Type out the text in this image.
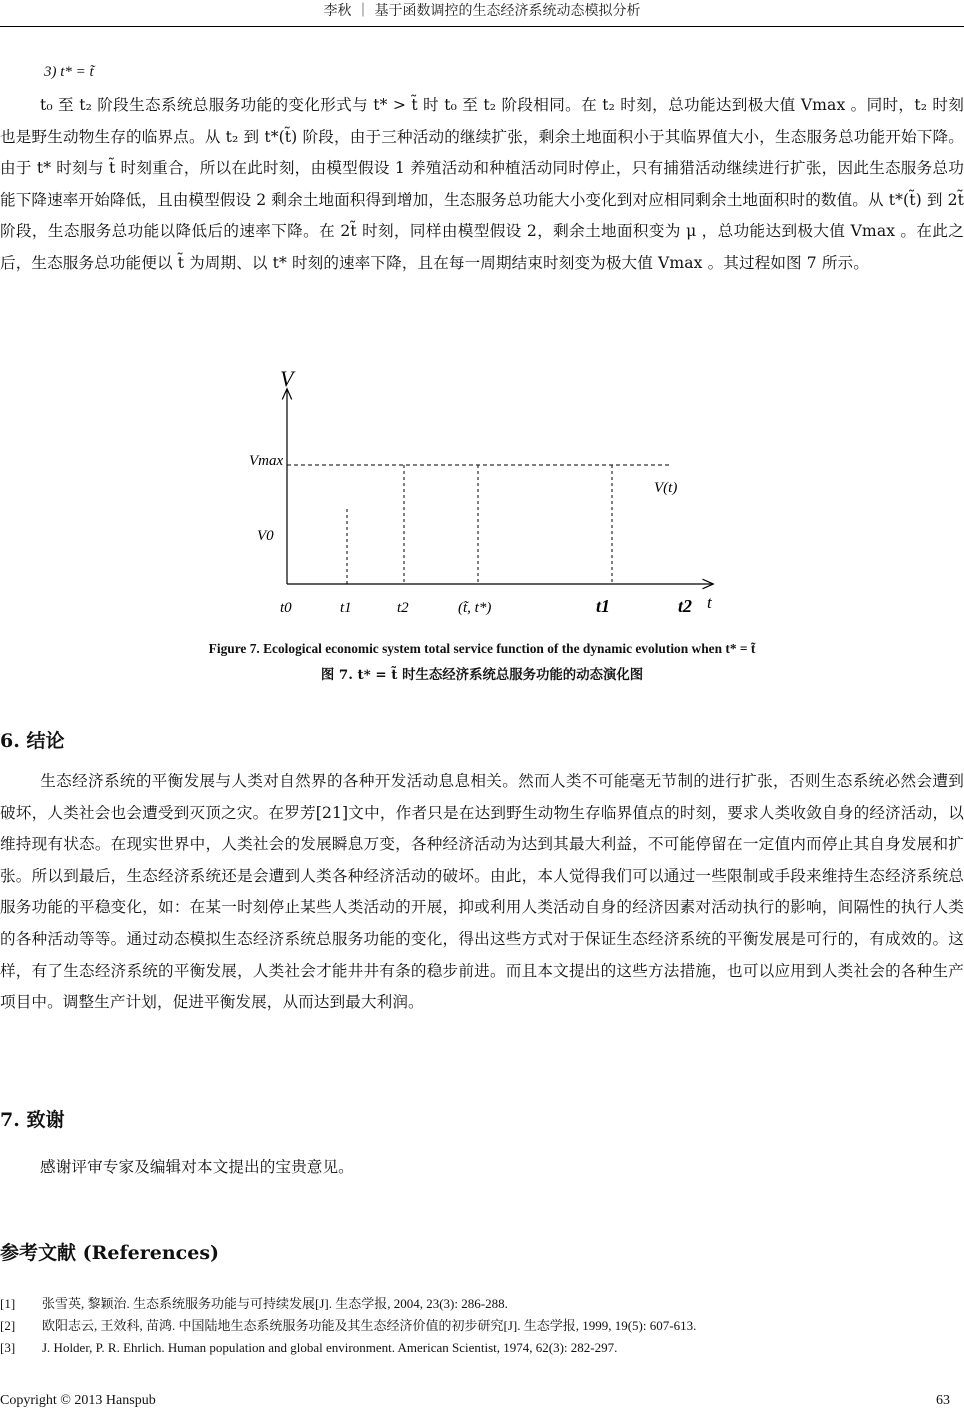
李秋 ｜ 基于函数调控的生态经济系统动态模拟分析
3) t* = t̃

t₀ 至 t₂ 阶段生态系统总服务功能的变化形式与 t* > t̃ 时 t₀ 至 t₂ 阶段相同。在 t₂ 时刻，总功能达到极大值 Vmax 。同时，t₂ 时刻也是野生动物生存的临界点。从 t₂ 到 t*(t̃) 阶段，由于三种活动的继续扩张，剩余土地面积小于其临界值大小，生态服务总功能开始下降。由于 t* 时刻与 t̃ 时刻重合，所以在此时刻，由模型假设 1 养殖活动和种植活动同时停止，只有捕猎活动继续进行扩张，因此生态服务总功能下降速率开始降低，且由模型假设 2 剩余土地面积得到增加，生态服务总功能大小变化到对应相同剩余土地面积时的数值。从 t*(t̃) 到 2t̃ 阶段，生态服务总功能以降低后的速率下降。在 2t̃ 时刻，同样由模型假设 2，剩余土地面积变为 μ ，总功能达到极大值 Vmax 。在此之后，生态服务总功能便以 t̃ 为周期、以 t* 时刻的速率下降，且在每一周期结束时刻变为极大值 Vmax 。其过程如图 7 所示。

V
Vmax
V0
V(t)
t0	t1	t2	(t̃, t*)	t1	t2 t
Figure 7. Ecological economic system total service function of the dynamic evolution when t* = t̃
图 7. t* = t̃ 时生态经济系统总服务功能的动态演化图
6. 结论

生态经济系统的平衡发展与人类对自然界的各种开发活动息息相关。然而人类不可能毫无节制的进行扩张，否则生态系统必然会遭到破坏，人类社会也会遭受到灭顶之灾。在罗芳[21]文中，作者只是在达到野生动物生存临界值点的时刻，要求人类收敛自身的经济活动，以维持现有状态。在现实世界中，人类社会的发展瞬息万变，各种经济活动为达到其最大利益，不可能停留在一定值内而停止其自身发展和扩张。所以到最后，生态经济系统还是会遭到人类各种经济活动的破坏。由此，本人觉得我们可以通过一些限制或手段来维持生态经济系统总服务功能的平稳变化，如：在某一时刻停止某些人类活动的开展，抑或利用人类活动自身的经济因素对活动执行的影响，间隔性的执行人类的各种活动等等。通过动态模拟生态经济系统总服务功能的变化，得出这些方式对于保证生态经济系统的平衡发展是可行的，有成效的。这样，有了生态经济系统的平衡发展，人类社会才能井井有条的稳步前进。而且本文提出的这些方法措施，也可以应用到人类社会的各种生产项目中。调整生产计划，促进平衡发展，从而达到最大利润。

7. 致谢

感谢评审专家及编辑对本文提出的宝贵意见。

参考文献 (References)
[1]	张雪英, 黎颖治. 生态系统服务功能与可持续发展[J]. 生态学报, 2004, 23(3): 286-288.
[2]	欧阳志云, 王效科, 苗鸿. 中国陆地生态系统服务功能及其生态经济价值的初步研究[J]. 生态学报, 1999, 19(5): 607-613.
[3]	J. Holder, P. R. Ehrlich. Human population and global environment. American Scientist, 1974, 62(3): 282-297.
Copyright © 2013 Hanspub	63
